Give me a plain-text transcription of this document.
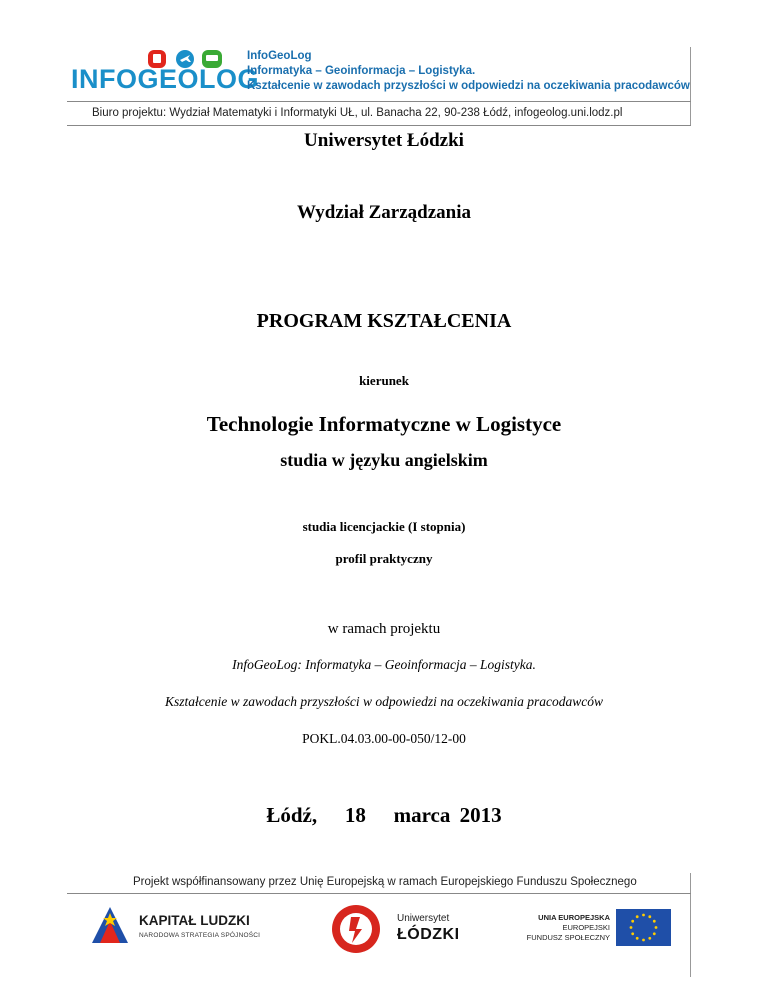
INFOGEOLOG
InfoGeoLog
Informatyka – Geoinformacja – Logistyka.
Kształcenie w zawodach przyszłości w odpowiedzi na oczekiwania pracodawców
Biuro projektu: Wydział Matematyki i Informatyki UŁ, ul. Banacha 22, 90-238 Łódź, infogeolog.uni.lodz.pl
Uniwersytet Łódzki
Wydział Zarządzania
PROGRAM KSZTAŁCENIA
kierunek
Technologie Informatyczne w Logistyce
studia w języku angielskim
studia licencjackie (I stopnia)
profil praktyczny
w ramach projektu
InfoGeoLog: Informatyka – Geoinformacja – Logistyka.
Kształcenie w zawodach przyszłości w odpowiedzi na oczekiwania pracodawców
POKL.04.03.00-00-050/12-00
Łódź,   18   marca 2013
Projekt współfinansowany przez Unię Europejską w ramach Europejskiego Funduszu Społecznego
KAPITAŁ LUDZKI
NARODOWA STRATEGIA SPÓJNOŚCI
Uniwersytet
ŁÓDZKI
UNIA EUROPEJSKA
EUROPEJSKI
FUNDUSZ SPOŁECZNY
